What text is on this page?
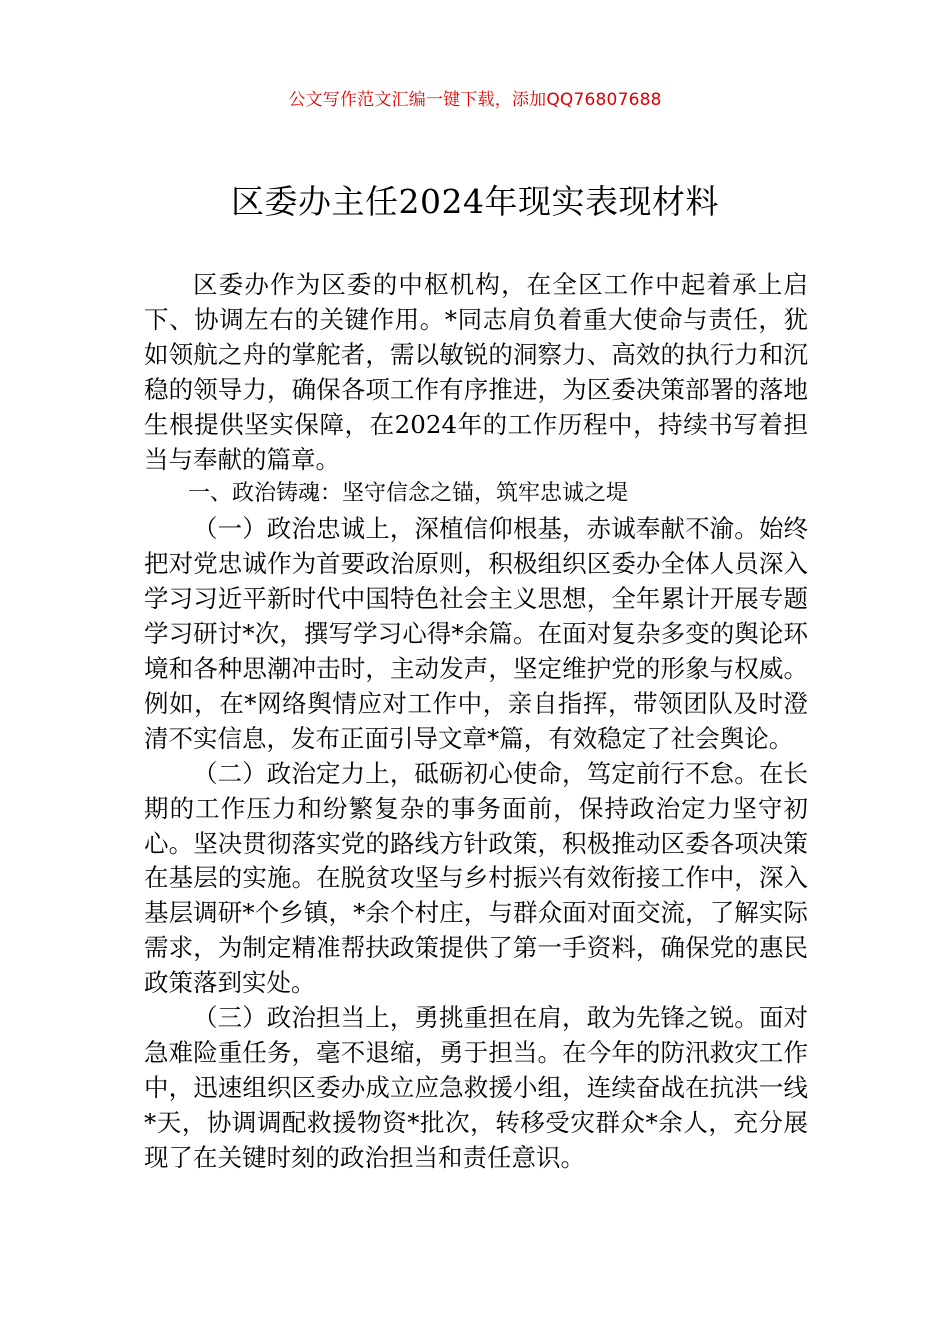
公文写作范文汇编一键下载，添加QQ76807688
区委办主任2024年现实表现材料

区委办作为区委的中枢机构，在全区工作中起着承上启下、协调左右的关键作用。*同志肩负着重大使命与责任，犹如领航之舟的掌舵者，需以敏锐的洞察力、高效的执行力和沉稳的领导力，确保各项工作有序推进，为区委决策部署的落地生根提供坚实保障，在2024年的工作历程中，持续书写着担当与奉献的篇章。

一、政治铸魂：坚守信念之锚，筑牢忠诚之堤

（一）政治忠诚上，深植信仰根基，赤诚奉献不渝。始终把对党忠诚作为首要政治原则，积极组织区委办全体人员深入学习习近平新时代中国特色社会主义思想，全年累计开展专题学习研讨*次，撰写学习心得*余篇。在面对复杂多变的舆论环境和各种思潮冲击时，主动发声，坚定维护党的形象与权威。例如，在*网络舆情应对工作中，亲自指挥，带领团队及时澄清不实信息，发布正面引导文章*篇，有效稳定了社会舆论。

（二）政治定力上，砥砺初心使命，笃定前行不怠。在长期的工作压力和纷繁复杂的事务面前，保持政治定力坚守初心。坚决贯彻落实党的路线方针政策，积极推动区委各项决策在基层的实施。在脱贫攻坚与乡村振兴有效衔接工作中，深入基层调研*个乡镇，*余个村庄，与群众面对面交流，了解实际需求，为制定精准帮扶政策提供了第一手资料，确保党的惠民政策落到实处。

（三）政治担当上，勇挑重担在肩，敢为先锋之锐。面对急难险重任务，毫不退缩，勇于担当。在今年的防汛救灾工作中，迅速组织区委办成立应急救援小组，连续奋战在抗洪一线*天，协调调配救援物资*批次，转移受灾群众*余人，充分展现了在关键时刻的政治担当和责任意识。
